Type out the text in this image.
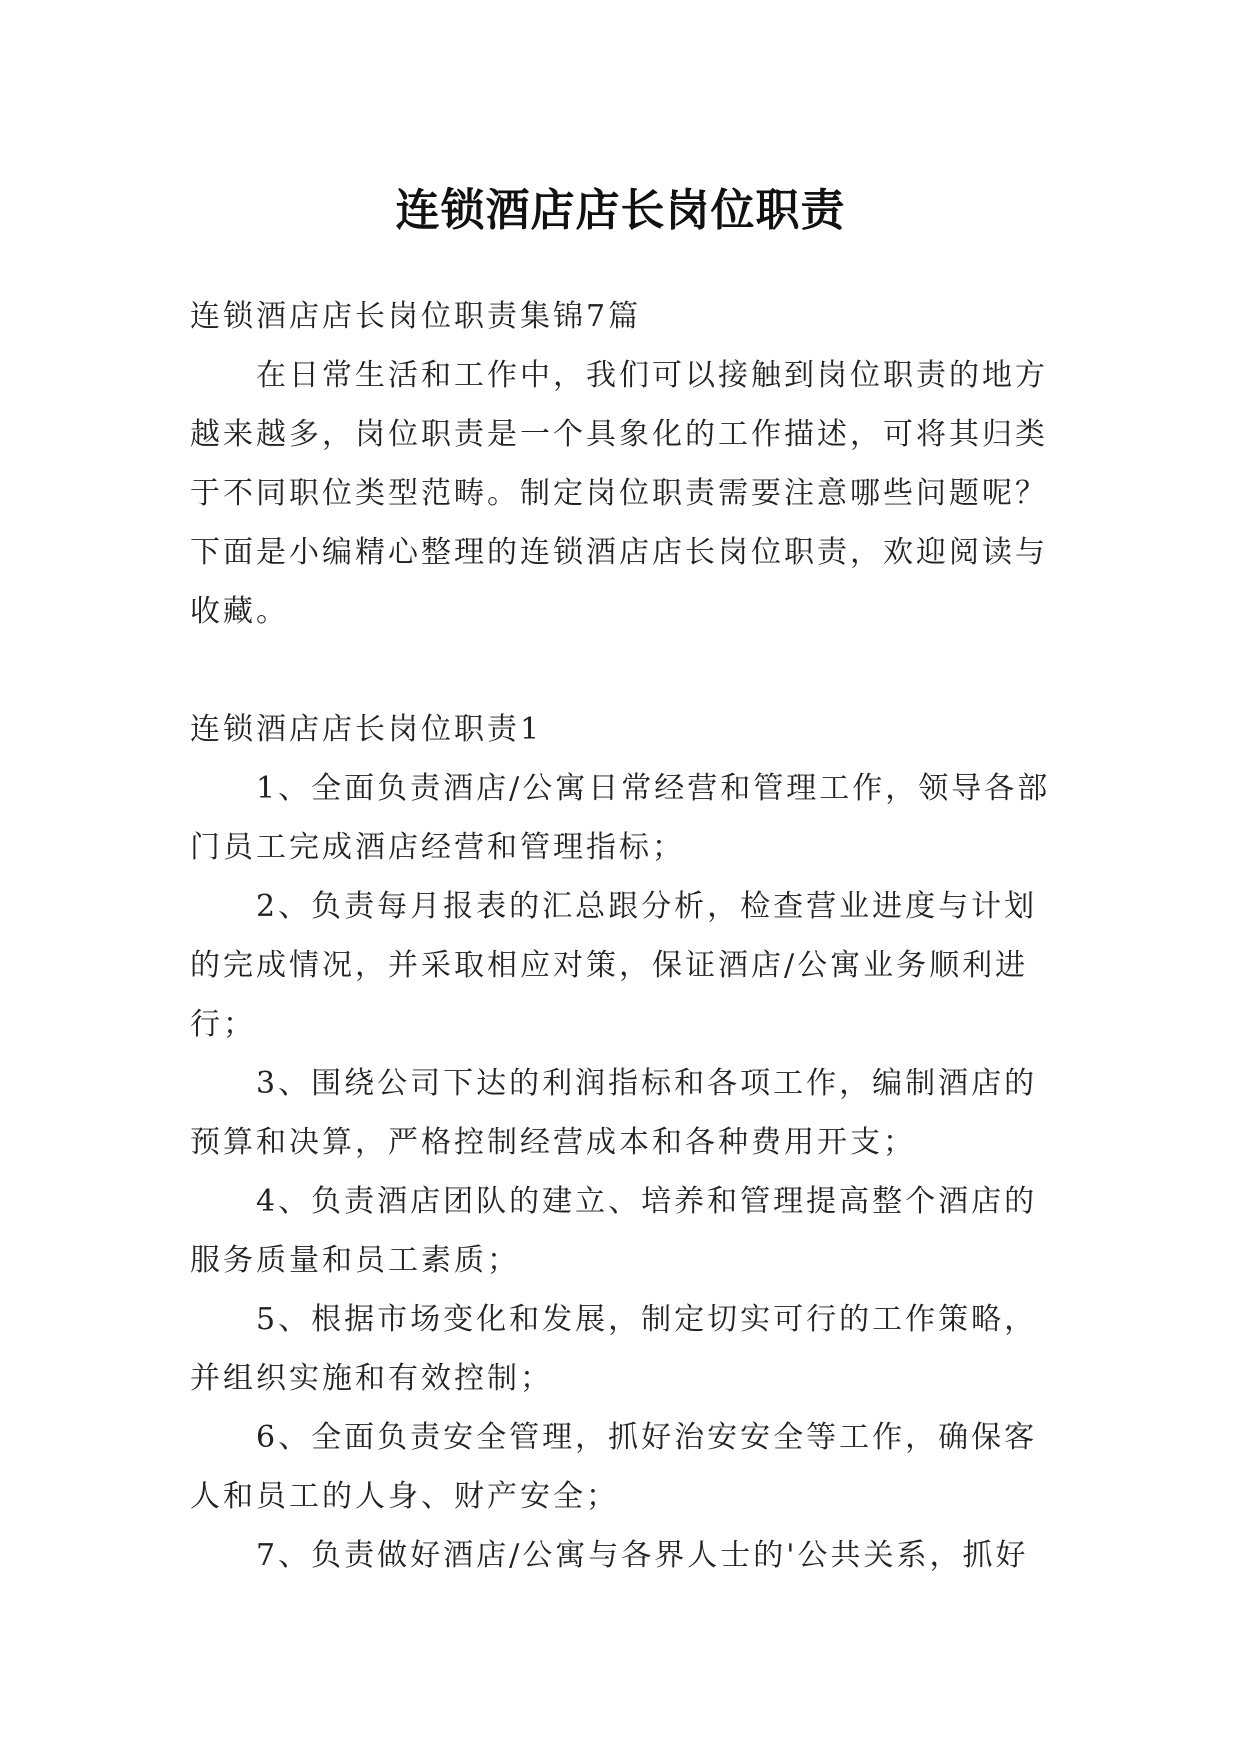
连锁酒店店长岗位职责

连锁酒店店长岗位职责集锦7篇

在日常生活和工作中，我们可以接触到岗位职责的地方越来越多，岗位职责是一个具象化的工作描述，可将其归类于不同职位类型范畴。制定岗位职责需要注意哪些问题呢？下面是小编精心整理的连锁酒店店长岗位职责，欢迎阅读与收藏。

连锁酒店店长岗位职责1

1、全面负责酒店/公寓日常经营和管理工作，领导各部门员工完成酒店经营和管理指标；

2、负责每月报表的汇总跟分析，检查营业进度与计划的完成情况，并采取相应对策，保证酒店/公寓业务顺利进行；

3、围绕公司下达的利润指标和各项工作，编制酒店的预算和决算，严格控制经营成本和各种费用开支；

4、负责酒店团队的建立、培养和管理提高整个酒店的服务质量和员工素质；

5、根据市场变化和发展，制定切实可行的工作策略，并组织实施和有效控制；

6、全面负责安全管理，抓好治安安全等工作，确保客人和员工的人身、财产安全；

7、负责做好酒店/公寓与各界人士的'公共关系，抓好
